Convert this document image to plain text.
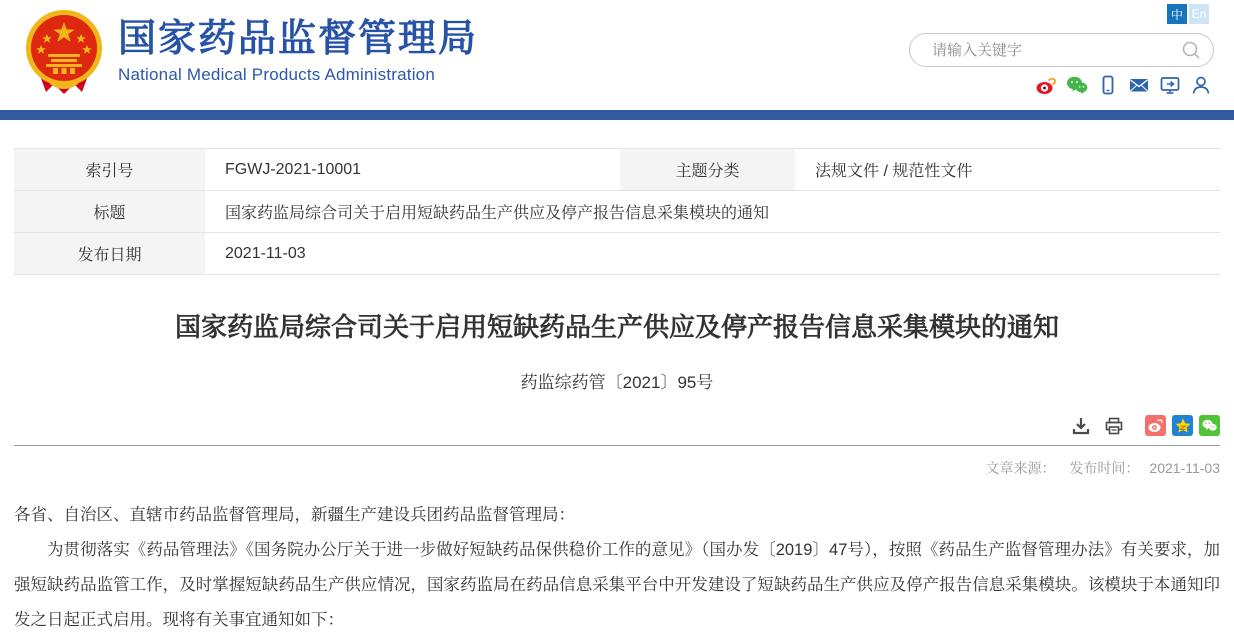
国家药品监督管理局
National Medical Products Administration
中 En
请输入关键字
索引号	FGWJ-2021-10001	主题分类	法规文件 / 规范性文件
标题	国家药监局综合司关于启用短缺药品生产供应及停产报告信息采集模块的通知
发布日期	2021-11-03
国家药监局综合司关于启用短缺药品生产供应及停产报告信息采集模块的通知
药监综药管〔2021〕95号
文章来源： 发布时间： 2021-11-03

各省、自治区、直辖市药品监督管理局，新疆生产建设兵团药品监督管理局：

为贯彻落实《药品管理法》《国务院办公厅关于进一步做好短缺药品保供稳价工作的意见》（国办发〔2019〕47号），按照《药品生产监督管理办法》有关要求，加强短缺药品监管工作，及时掌握短缺药品生产供应情况，国家药监局在药品信息采集平台中开发建设了短缺药品生产供应及停产报告信息采集模块。该模块于本通知印发之日起正式启用。现将有关事宜通知如下：
